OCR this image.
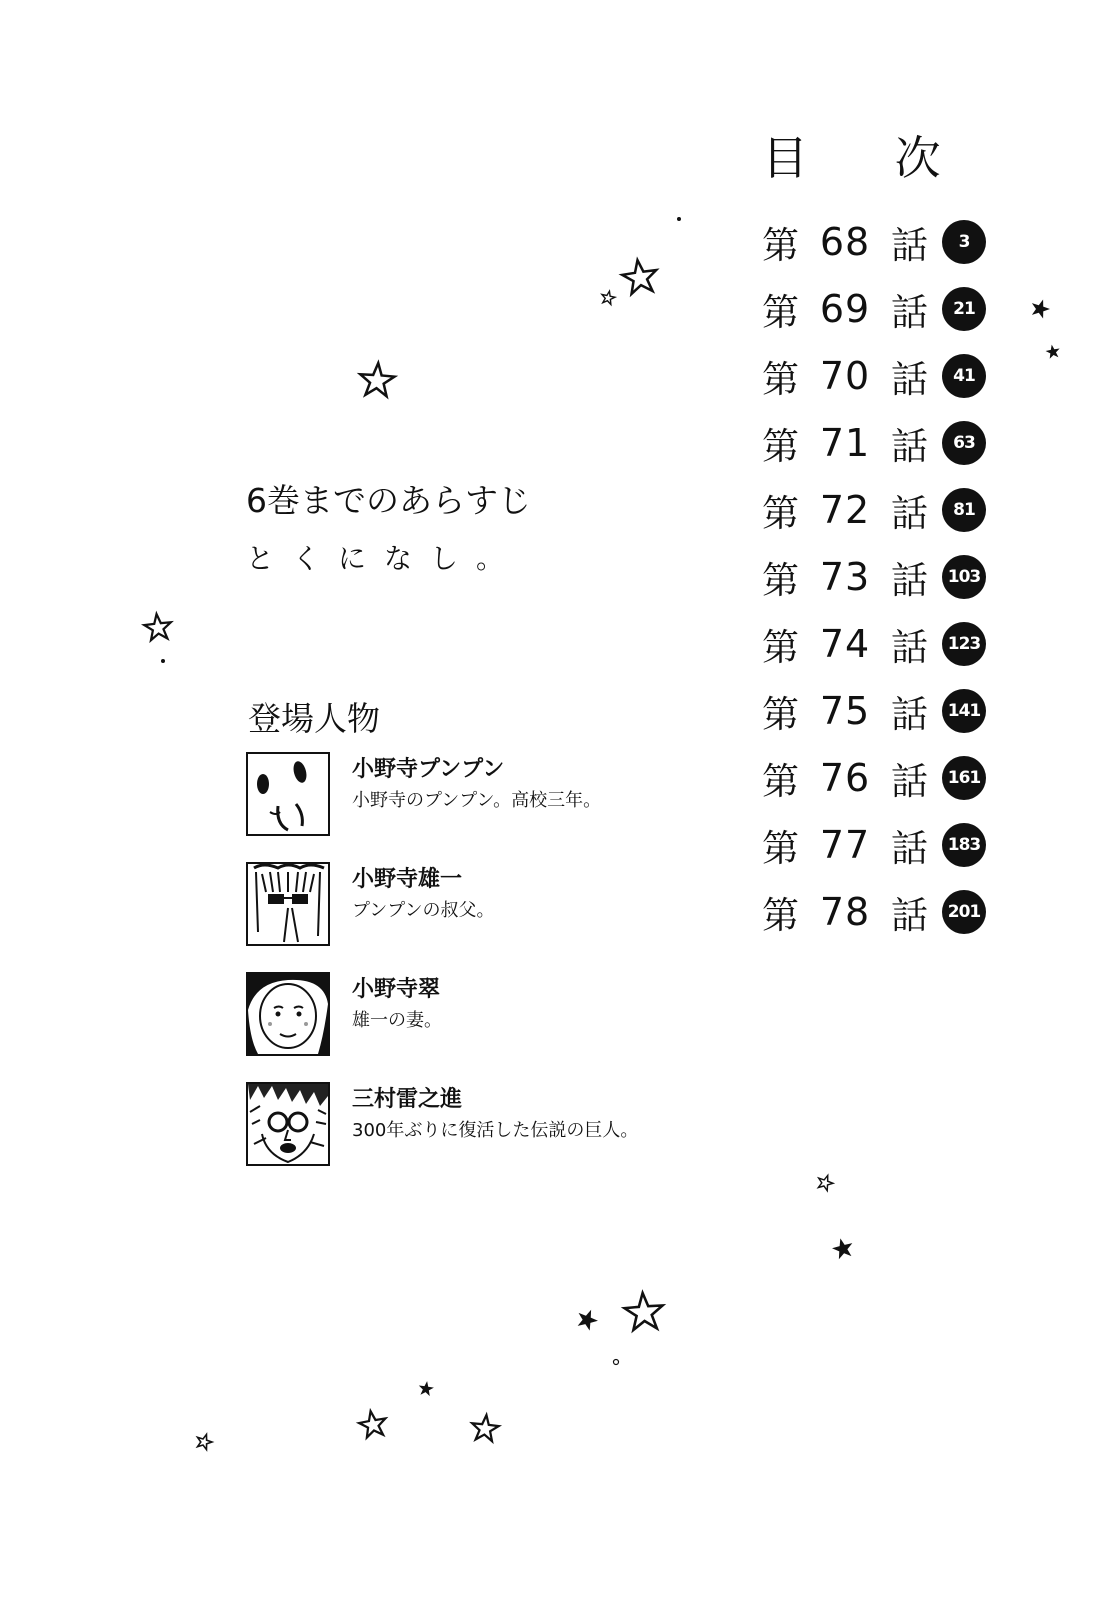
目 次
第 68 話	3
第 69 話	21
第 70 話	41
第 71 話	63
第 72 話	81
第 73 話	103
第 74 話	123
第 75 話	141
第 76 話	161
第 77 話	183
第 78 話	201
6巻までのあらすじ
とくになし。
登場人物
小野寺プンプン
小野寺のプンプン。高校三年。
小野寺雄一
プンプンの叔父。
小野寺翠
雄一の妻。
三村雷之進
300年ぶりに復活した伝説の巨人。
